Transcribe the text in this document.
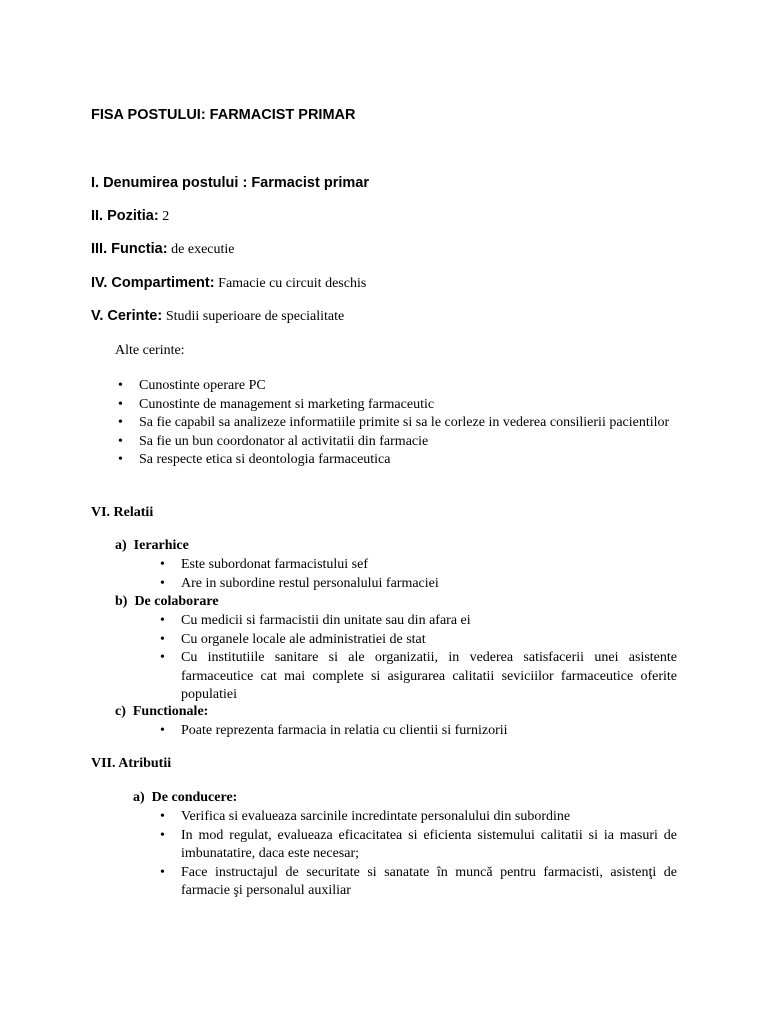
FISA POSTULUI: FARMACIST PRIMAR
I. Denumirea postului : Farmacist primar
II. Pozitia: 2
III. Functia: de executie
IV. Compartiment: Famacie cu circuit deschis
V. Cerinte: Studii superioare de specialitate
Alte cerinte:
• Cunostinte operare PC
• Cunostinte de management si marketing farmaceutic
• Sa fie capabil sa analizeze informatiile primite si sa le corleze in vederea consilierii pacientilor
• Sa fie un bun coordonator al activitatii din farmacie
• Sa respecte etica si deontologia farmaceutica
VI. Relatii
a)  Ierarhice
• Este subordonat farmacistului sef
• Are in subordine restul personalului farmaciei
b)  De colaborare
• Cu medicii si farmacistii din unitate sau din afara ei
• Cu organele locale ale administratiei de stat
• Cu institutiile sanitare si ale organizatii, in vederea satisfacerii unei asistente farmaceutice cat mai complete si asigurarea calitatii seviciilor farmaceutice oferite populatiei
c)  Functionale:
• Poate reprezenta farmacia in relatia cu clientii si furnizorii
VII. Atributii
a)  De conducere:
• Verifica si evalueaza sarcinile incredintate personalului din subordine
• In mod regulat, evalueaza eficacitatea si eficienta sistemului calitatii si ia masuri de imbunatatire, daca este necesar;
• Face instructajul de securitate si sanatate în muncă pentru farmacisti, asistenţi de farmacie şi personalul auxiliar
